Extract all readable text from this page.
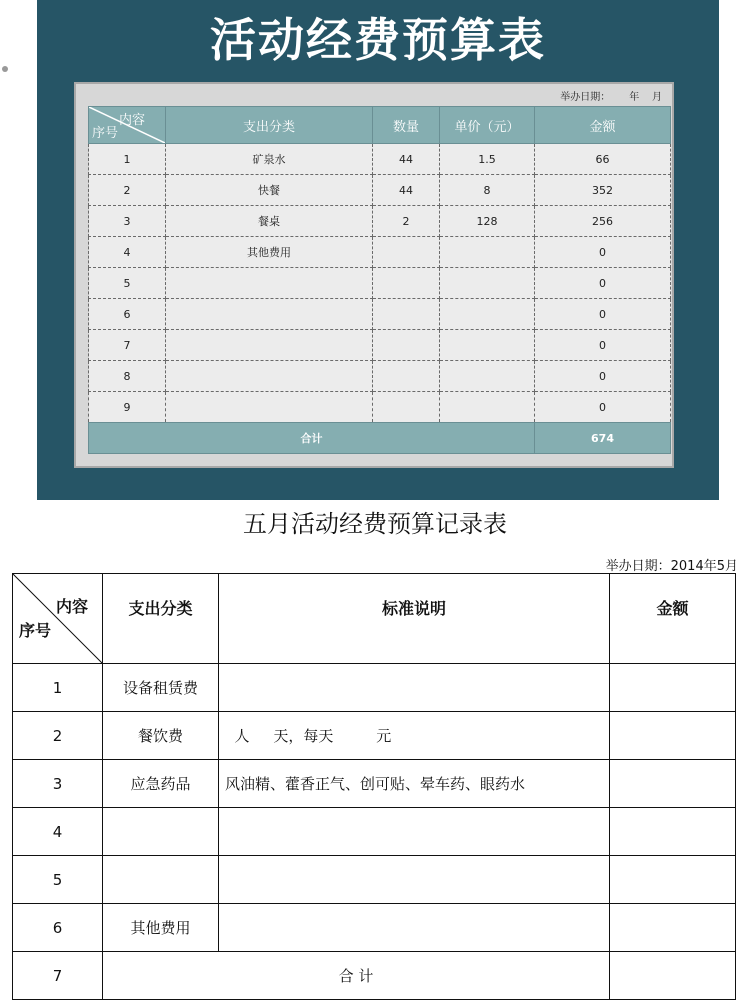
活动经费预算表
举办日期：      年    月
内容
序号	支出分类	数量	单价（元）	金额
1	矿泉水	44	1.5	66
2	快餐	44	8	352
3	餐桌	2	128	256
4	其他费用			0
5				0
6				0
7				0
8				0
9				0
合计				674
五月活动经费预算记录表
举办日期：2014年5月
内容
序号	支出分类	标准说明	金额
1	设备租赁费		
2	餐饮费	人     天，每天         元	
3	应急药品	风油精、藿香正气、创可贴、晕车药、眼药水	
4			
5			
6	其他费用		
7	合 计		
